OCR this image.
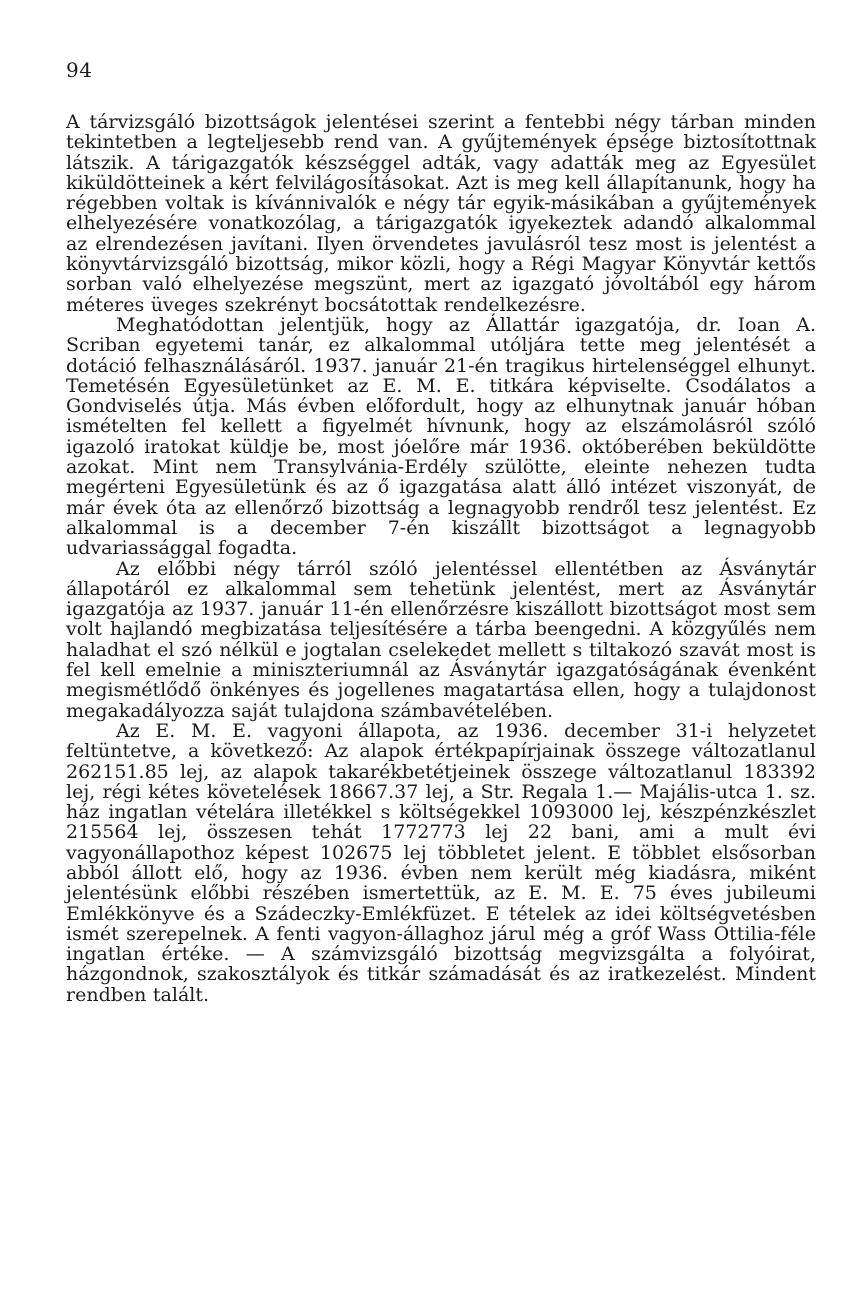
94

A tárvizsgáló bizottságok jelentései szerint a fentebbi négy tárban minden tekintetben a legteljesebb rend van. A gyűjtemények épsége biztosítottnak látszik. A tárigazgatók készséggel adták, vagy adatták meg az Egyesület kiküldötteinek a kért felvilágosításokat. Azt is meg kell állapítanunk, hogy ha régebben voltak is kívánnivalók e négy tár egyik-másikában a gyűjtemények elhelyezésére vonatkozólag, a tárigazgatók igyekeztek adandó alkalommal az elrendezésen javítani. Ilyen örvendetes javulásról tesz most is jelentést a könyvtárvizsgáló bizottság, mikor közli, hogy a Régi Magyar Könyvtár kettős sorban való elhelyezése megszünt, mert az igazgató jóvoltából egy három méteres üveges szekrényt bocsátottak rendelkezésre.

Meghatódottan jelentjük, hogy az Állattár igazgatója, dr. Ioan A. Scriban egyetemi tanár, ez alkalommal utóljára tette meg jelentését a dotáció felhasználásáról. 1937. január 21-én tragikus hirtelenséggel elhunyt. Temetésén Egyesületünket az E. M. E. titkára képviselte. Csodálatos a Gondviselés útja. Más évben előfordult, hogy az elhunytnak január hóban ismételten fel kellett a figyelmét hívnunk, hogy az elszámolásról szóló igazoló iratokat küldje be, most jóelőre már 1936. októberében beküldötte azokat. Mint nem Transylvánia-Erdély szülötte, eleinte nehezen tudta megérteni Egyesületünk és az ő igazgatása alatt álló intézet viszonyát, de már évek óta az ellenőrző bizottság a legnagyobb rendről tesz jelentést. Ez alkalommal is a december 7-én kiszállt bizottságot a legnagyobb udvariassággal fogadta.

Az előbbi négy tárról szóló jelentéssel ellentétben az Ásványtár állapotáról ez alkalommal sem tehetünk jelentést, mert az Ásványtár igazgatója az 1937. január 11-én ellenőrzésre kiszállott bizottságot most sem volt hajlandó megbizatása teljesítésére a tárba beengedni. A közgyűlés nem haladhat el szó nélkül e jogtalan cselekedet mellett s tiltakozó szavát most is fel kell emelnie a miniszteriumnál az Ásványtár igazgatóságának évenként megismétlődő önkényes és jogellenes magatartása ellen, hogy a tulajdonost megakadályozza saját tulajdona számbavételében.

Az E. M. E. vagyoni állapota, az 1936. december 31-i helyzetet feltüntetve, a következő: Az alapok értékpapírjainak összege változatlanul 262151.85 lej, az alapok takarékbetétjeinek összege változatlanul 183392 lej, régi kétes követelések 18667.37 lej, a Str. Regala 1.— Majális-utca 1. sz. ház ingatlan vételára illetékkel s költségekkel 1093000 lej, készpénzkészlet 215564 lej, összesen tehát 1772773 lej 22 bani, ami a mult évi vagyonállapothoz képest 102675 lej többletet jelent. E többlet elsősorban abból állott elő, hogy az 1936. évben nem került még kiadásra, miként jelentésünk előbbi részében ismertettük, az E. M. E. 75 éves jubileumi Emlékkönyve és a Szádeczky-Emlékfüzet. E tételek az idei költségvetésben ismét szerepelnek. A fenti vagyon-állaghoz járul még a gróf Wass Ottilia-féle ingatlan értéke. — A számvizsgáló bizottság megvizsgálta a folyóirat, házgondnok, szakosztályok és titkár számadását és az iratkezelést. Mindent rendben talált.
